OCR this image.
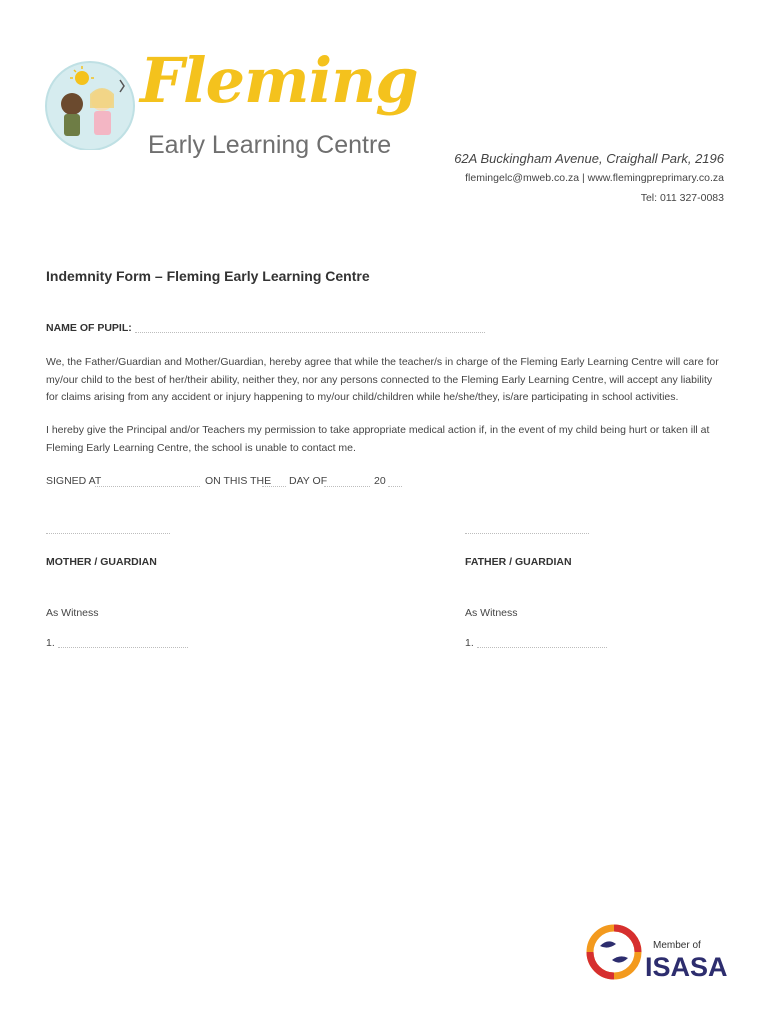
Fleming
Early Learning Centre	62A Buckingham Avenue, Craighall Park, 2196
flemingelc@mweb.co.za | www.flemingpreprimary.co.za
Tel: 011 327-0083
Indemnity Form – Fleming Early Learning Centre
NAME OF PUPIL:
We, the Father/Guardian and Mother/Guardian, hereby agree that while the teacher/s in charge of the Fleming Early Learning Centre will care for my/our child to the best of her/their ability, neither they, nor any persons connected to the Fleming Early Learning Centre, will accept any liability for claims arising from any accident or injury happening to my/our child/children while he/she/they, is/are participating in school activities.
I hereby give the Principal and/or Teachers my permission to take appropriate medical action if, in the event of my child being hurt or taken ill at Fleming Early Learning Centre, the school is unable to contact me.
SIGNED AT	ON THIS THE DAY OF	20
MOTHER / GUARDIAN	FATHER / GUARDIAN
As Witness	As Witness
1.	1.
Member of
ISASA
